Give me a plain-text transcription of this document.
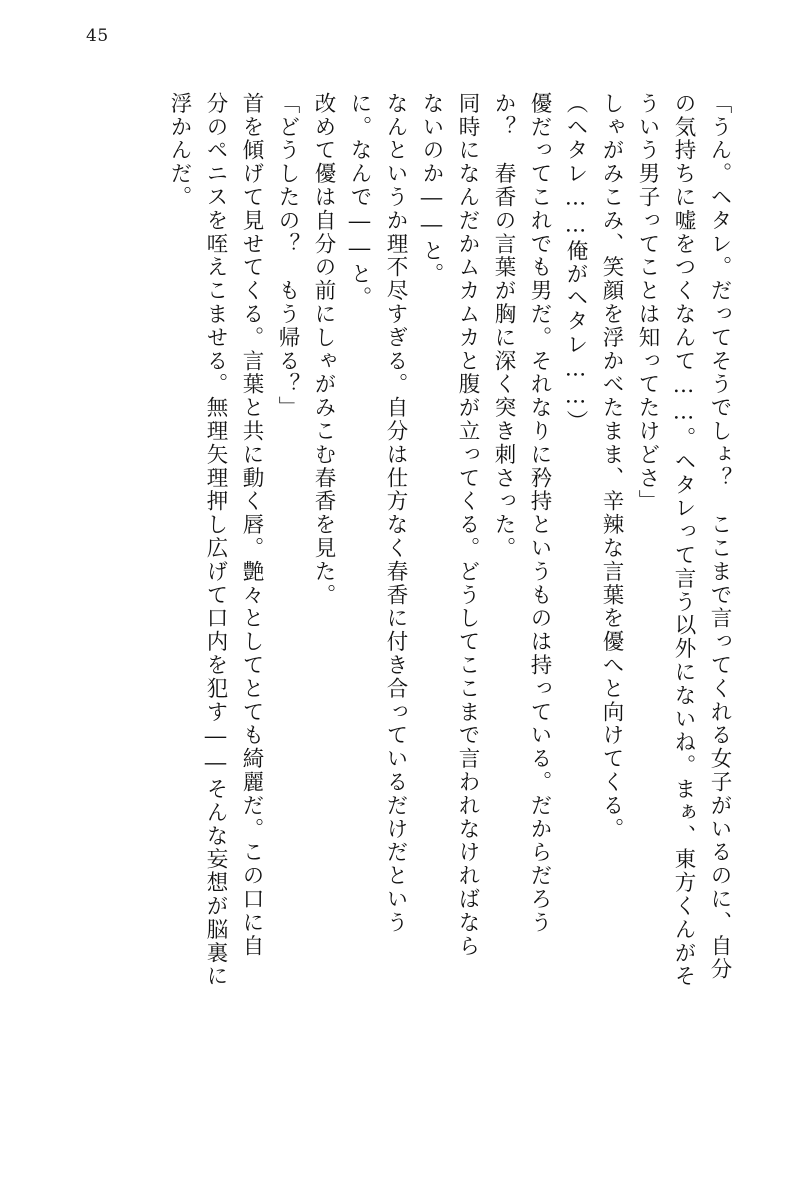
45
「うん。ヘタレ。だってそうでしょ？　ここまで言ってくれる女子がいるのに、自分
の気持ちに嘘をつくなんて……。ヘタレって言う以外にないね。まぁ、東方くんがそ
ういう男子ってことは知ってたけどさ」
しゃがみこみ、笑顔を浮かべたまま、辛辣な言葉を優へと向けてくる。
（ヘタレ……俺がヘタレ……）
優だってこれでも男だ。それなりに矜持というものは持っている。だからだろう
か？　春香の言葉が胸に深く突き刺さった。
同時になんだかムカムカと腹が立ってくる。どうしてここまで言われなければなら
ないのか――と。
なんというか理不尽すぎる。自分は仕方なく春香に付き合っているだけだという
に。なんで――と。
改めて優は自分の前にしゃがみこむ春香を見た。
「どうしたの？　もう帰る？」
首を傾げて見せてくる。言葉と共に動く唇。艶々としてとても綺麗だ。この口に自
分のペニスを咥えこませる。無理矢理押し広げて口内を犯す――そんな妄想が脳裏に
浮かんだ。
